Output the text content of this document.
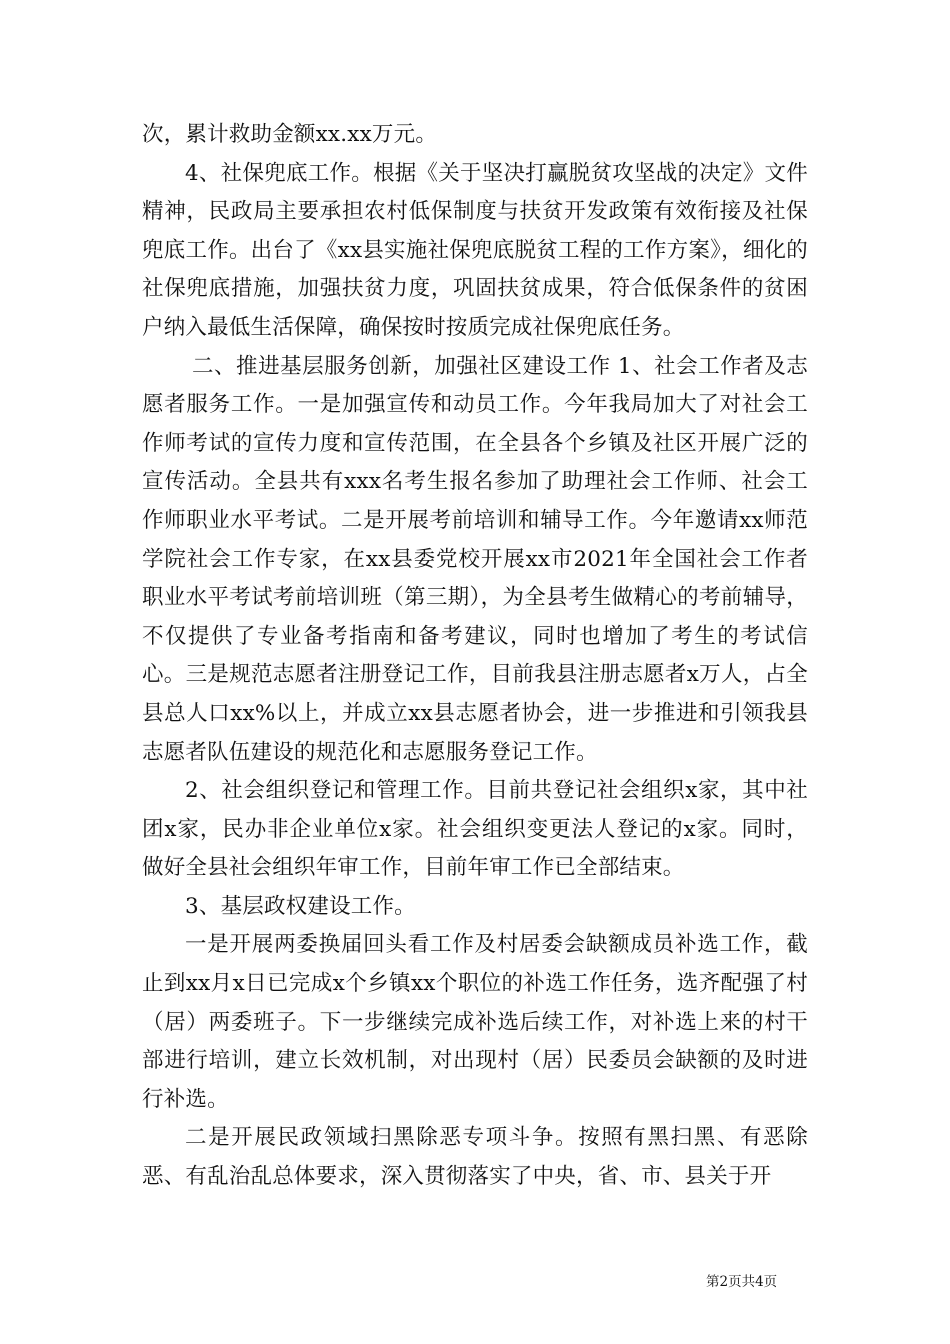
次，累计救助金额xx.xx万元。

4、社保兜底工作。根据《关于坚决打赢脱贫攻坚战的决定》文件精神，民政局主要承担农村低保制度与扶贫开发政策有效衔接及社保兜底工作。出台了《xx县实施社保兜底脱贫工程的工作方案》，细化的社保兜底措施，加强扶贫力度，巩固扶贫成果，符合低保条件的贫困户纳入最低生活保障，确保按时按质完成社保兜底任务。

二、推进基层服务创新，加强社区建设工作 1、社会工作者及志愿者服务工作。一是加强宣传和动员工作。今年我局加大了对社会工作师考试的宣传力度和宣传范围，在全县各个乡镇及社区开展广泛的宣传活动。全县共有xxx名考生报名参加了助理社会工作师、社会工作师职业水平考试。二是开展考前培训和辅导工作。今年邀请xx师范学院社会工作专家，在xx县委党校开展xx市2021年全国社会工作者职业水平考试考前培训班（第三期），为全县考生做精心的考前辅导，不仅提供了专业备考指南和备考建议，同时也增加了考生的考试信心。三是规范志愿者注册登记工作，目前我县注册志愿者x万人，占全县总人口xx%以上，并成立xx县志愿者协会，进一步推进和引领我县志愿者队伍建设的规范化和志愿服务登记工作。

2、社会组织登记和管理工作。目前共登记社会组织x家，其中社团x家，民办非企业单位x家。社会组织变更法人登记的x家。同时，做好全县社会组织年审工作，目前年审工作已全部结束。

3、基层政权建设工作。

一是开展两委换届回头看工作及村居委会缺额成员补选工作，截止到xx月x日已完成x个乡镇xx个职位的补选工作任务，选齐配强了村（居）两委班子。下一步继续完成补选后续工作，对补选上来的村干部进行培训，建立长效机制，对出现村（居）民委员会缺额的及时进行补选。

二是开展民政领域扫黑除恶专项斗争。按照有黑扫黑、有恶除恶、有乱治乱总体要求，深入贯彻落实了中央，省、市、县关于开

第2页共4页
